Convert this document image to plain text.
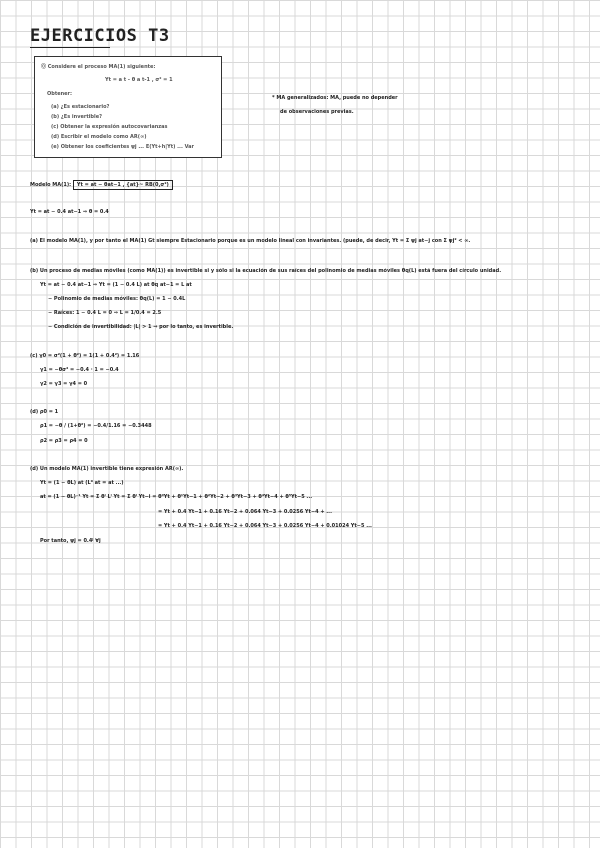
EJERCICIOS T3
⓪ Considere el proceso MA(1) siguiente:
Yt = a t - θ a t-1 , σ² = 1
Obtener:
(a) ¿Es estacionario?
(b) ¿Es invertible?
(c) Obtener la expresión autocovarianzas
(d) Escribir el modelo como AR(∞)
(e) Obtener los coeficientes ψj ... E(Yt+h|Yt) ... Var
* MA generalizados: MA, puede no depender
de observaciones previas.
Modelo MA(1): Yt = at − θat−1 , {at}~ RB(0,σ²)
Yt = at − 0.4 at−1 ⇒ θ = 0.4
(a) El modelo MA(1), y por tanto el MA(1) Gt siempre Estacionario porque es un modelo lineal con invariantes. (puede, de decir, Yt = Σ ψj at−j con Σ ψj² < ∞.
(b) Un proceso de medias móviles (como MA(1)) es invertible si y sólo si la ecuación de sus raíces del polinomio de medias móviles θq(L) está fuera del círculo unidad.
Yt = at − 0.4 at−1 ⇒ Yt = (1 − 0.4 L) at θq at−1 = L at
− Polinomio de medias móviles: θq(L) = 1 − 0.4L
− Raíces: 1 − 0.4 L = 0 ⇒ L = 1/0.4 = 2.5
− Condición de invertibilidad: |L| > 1 ⇒ por lo tanto, es invertible.
(c) γ0 = σ²(1 + θ²) = 1(1 + 0.4²) = 1.16
γ1 = −θσ² = −0.4 · 1 = −0.4
γ2 = γ3 = γ4 = 0
(d) ρ0 = 1
ρ1 = −θ / (1+θ²) = −0.4/1.16 = −0.3448
ρ2 = ρ3 = ρ4 = 0
(d) Un modelo MA(1) invertible tiene expresión AR(∞).
Yt = (1 − θL) at (L⁰ at = at ...)
at = (1 − θL)⁻¹ Yt = Σ θⁱ Lⁱ Yt = Σ θⁱ Yt−i = θ⁰Yt + θ¹Yt−1 + θ²Yt−2 + θ³Yt−3 + θ⁴Yt−4 + θ⁵Yt−5 ...
= Yt + 0.4 Yt−1 + 0.16 Yt−2 + 0.064 Yt−3 + 0.0256 Yt−4 + ...
= Yt + 0.4 Yt−1 + 0.16 Yt−2 + 0.064 Yt−3 + 0.0256 Yt−4 + 0.01024 Yt−5 ...
Por tanto, ψj = 0.4ʲ ∀j
